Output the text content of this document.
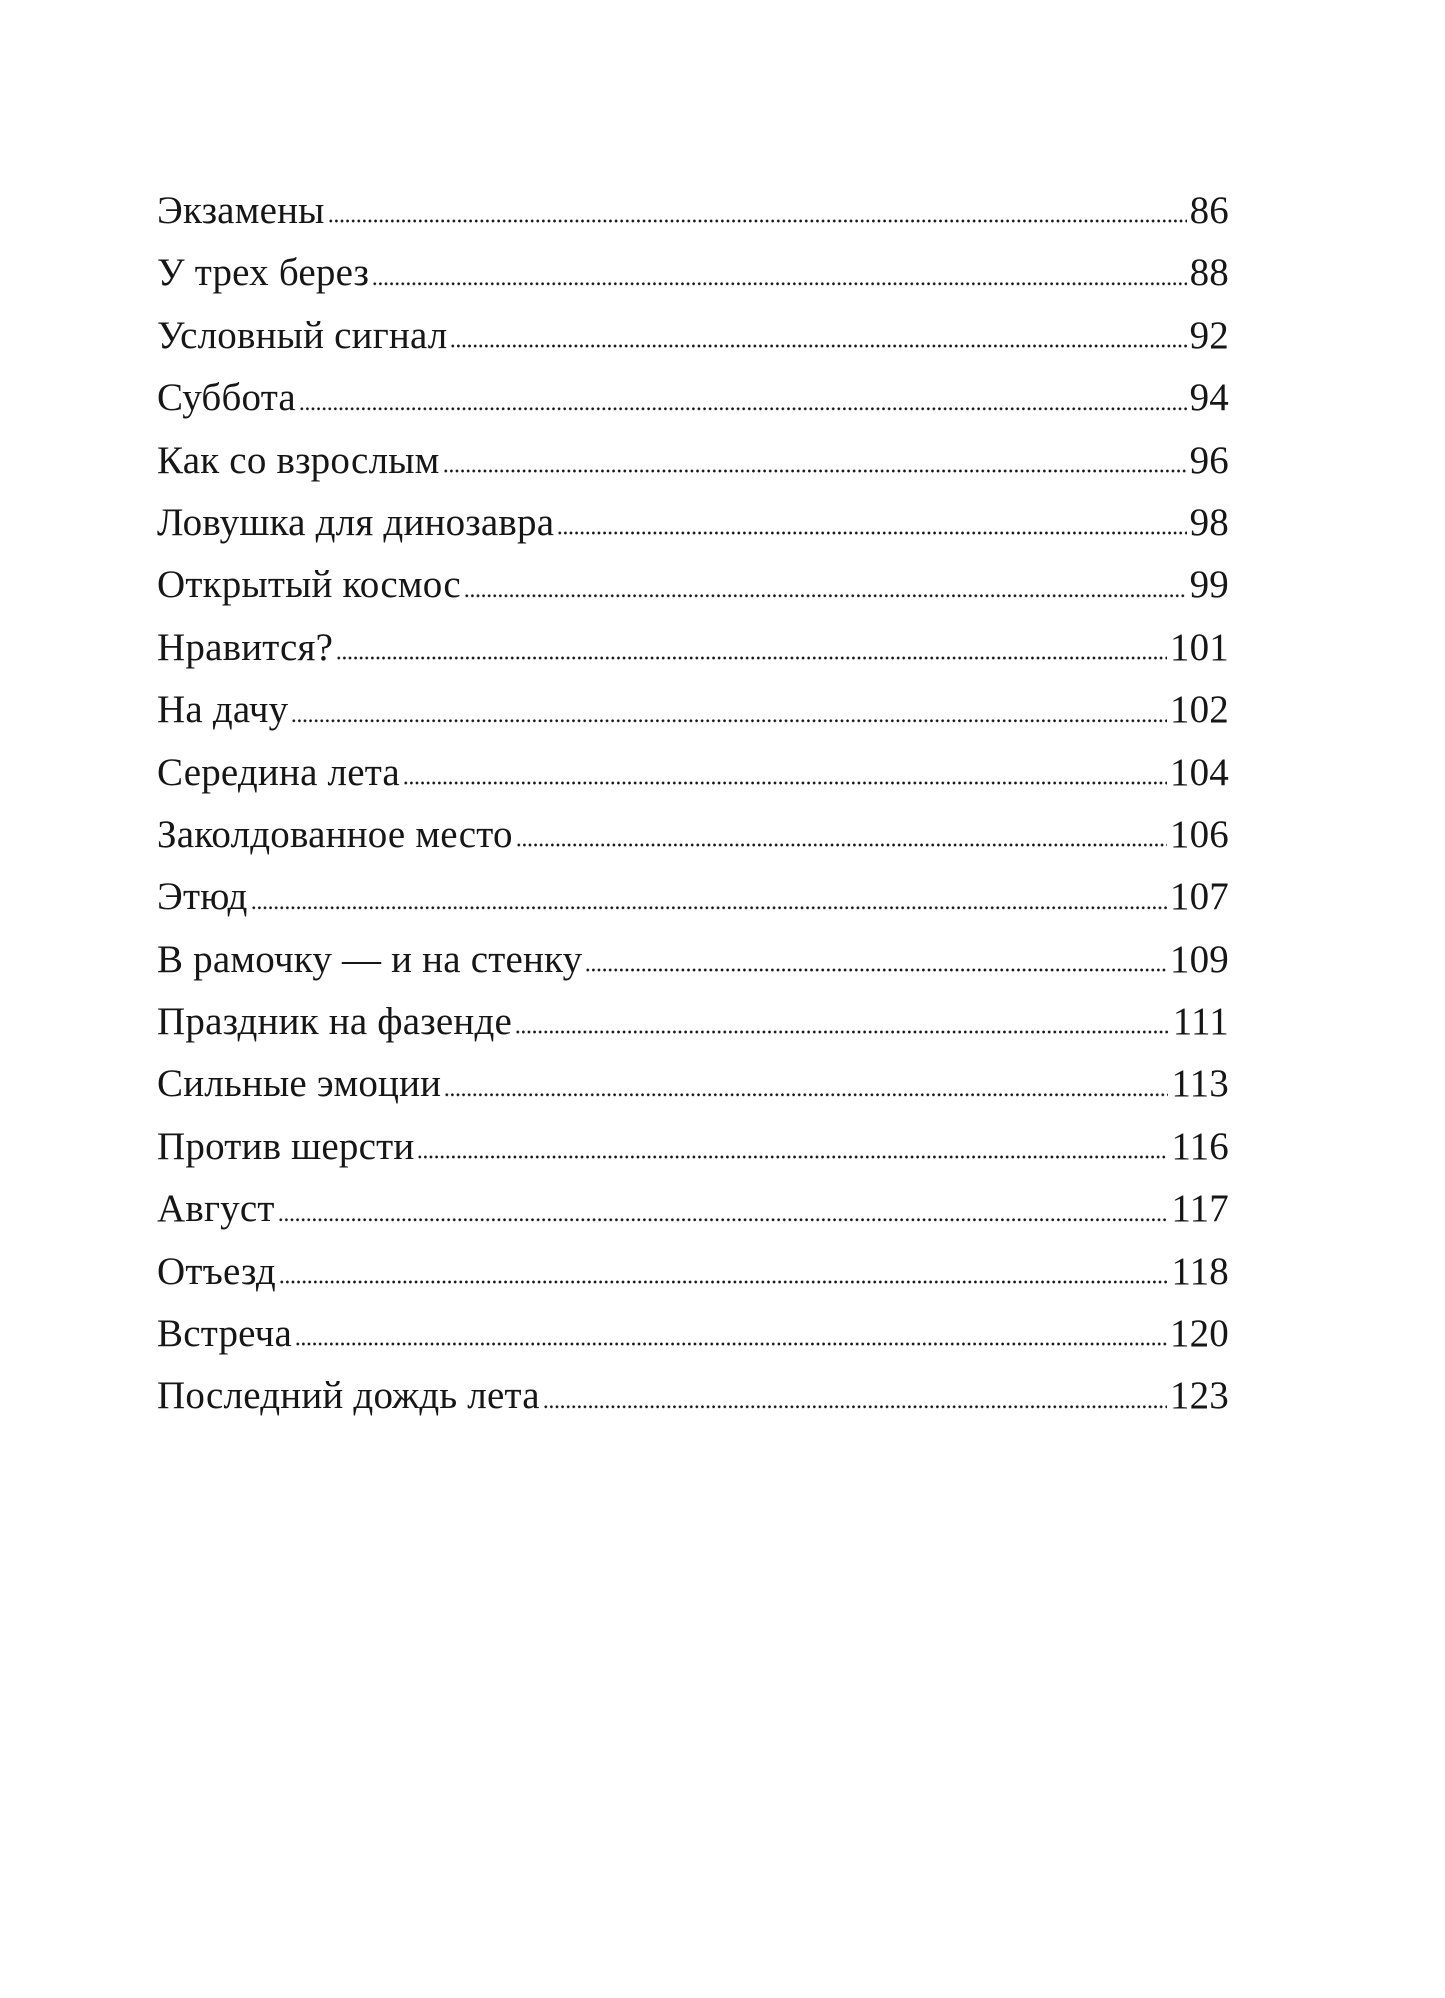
Экзамены	86
У трех берез	88
Условный сигнал	92
Суббота	94
Как со взрослым	96
Ловушка для динозавра	98
Открытый космос	99
Нравится?	101
На дачу	102
Середина лета	104
Заколдованное место	106
Этюд	107
В рамочку — и на стенку	109
Праздник на фазенде	111
Сильные эмоции	113
Против шерсти	116
Август	117
Отъезд	118
Встреча	120
Последний дождь лета	123
